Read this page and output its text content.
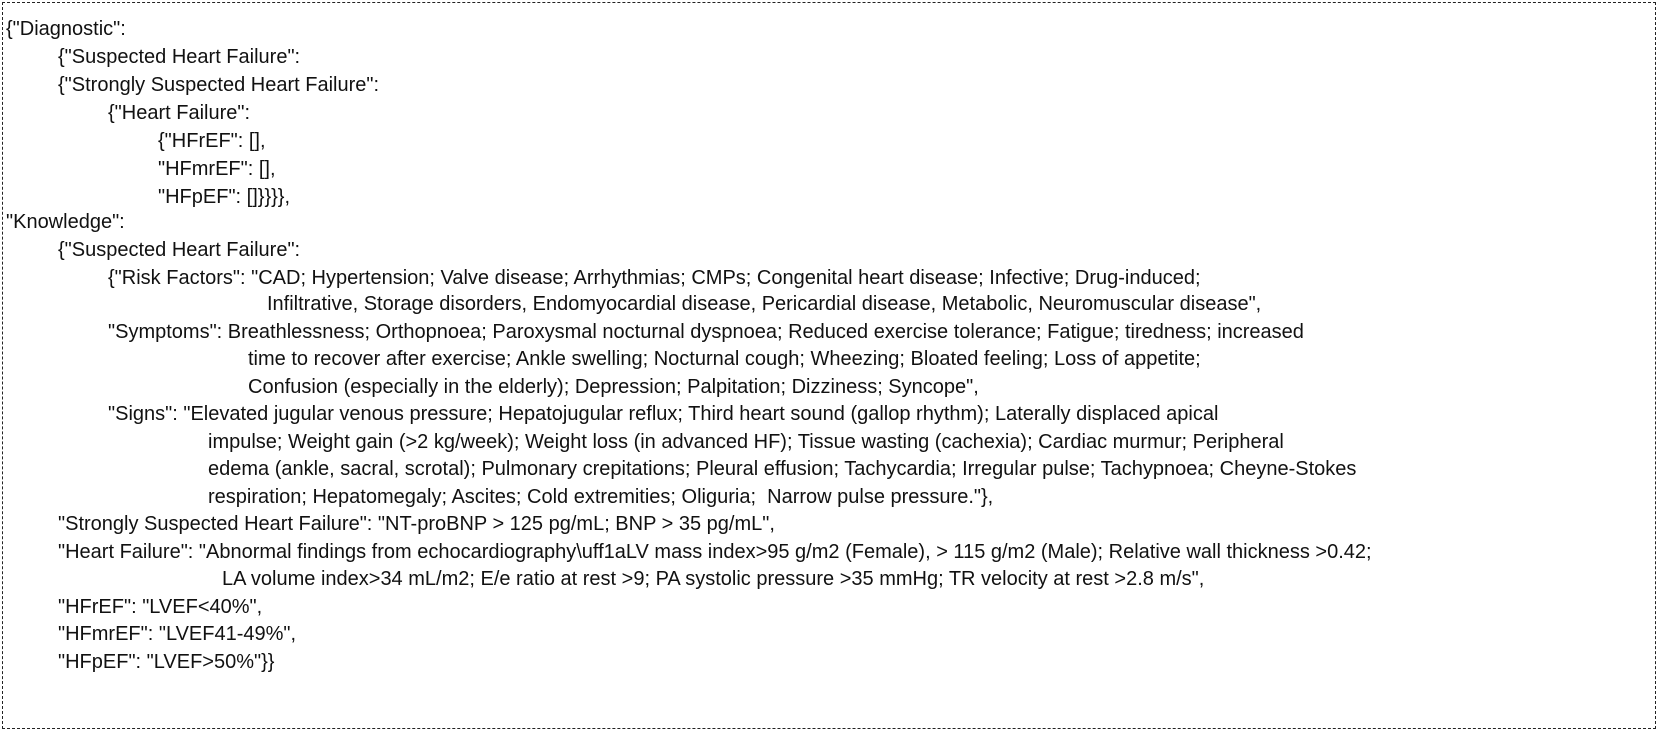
{"Diagnostic":

{"Suspected Heart Failure":

{"Strongly Suspected Heart Failure":

{"Heart Failure":

{"HFrEF": [],

"HFmrEF": [],

"HFpEF": []}}}},

"Knowledge":

{"Suspected Heart Failure":

{"Risk Factors": "CAD; Hypertension; Valve disease; Arrhythmias; CMPs; Congenital heart disease; Infective; Drug-induced;

Infiltrative, Storage disorders, Endomyocardial disease, Pericardial disease, Metabolic, Neuromuscular disease",

"Symptoms": Breathlessness; Orthopnoea; Paroxysmal nocturnal dyspnoea; Reduced exercise tolerance; Fatigue; tiredness; increased

time to recover after exercise; Ankle swelling; Nocturnal cough; Wheezing; Bloated feeling; Loss of appetite;

Confusion (especially in the elderly); Depression; Palpitation; Dizziness; Syncope",

"Signs": "Elevated jugular venous pressure; Hepatojugular reflux; Third heart sound (gallop rhythm); Laterally displaced apical

impulse; Weight gain (>2 kg/week); Weight loss (in advanced HF); Tissue wasting (cachexia); Cardiac murmur; Peripheral

edema (ankle, sacral, scrotal); Pulmonary crepitations; Pleural effusion; Tachycardia; Irregular pulse; Tachypnoea; Cheyne-Stokes

respiration; Hepatomegaly; Ascites; Cold extremities; Oliguria;  Narrow pulse pressure."},

"Strongly Suspected Heart Failure": "NT-proBNP > 125 pg/mL; BNP > 35 pg/mL",

"Heart Failure": "Abnormal findings from echocardiography\uff1aLV mass index>95 g/m2 (Female), > 115 g/m2 (Male); Relative wall thickness >0.42;

LA volume index>34 mL/m2; E/e ratio at rest >9; PA systolic pressure >35 mmHg; TR velocity at rest >2.8 m/s",

"HFrEF": "LVEF<40%",

"HFmrEF": "LVEF41-49%",

"HFpEF": "LVEF>50%"}}
